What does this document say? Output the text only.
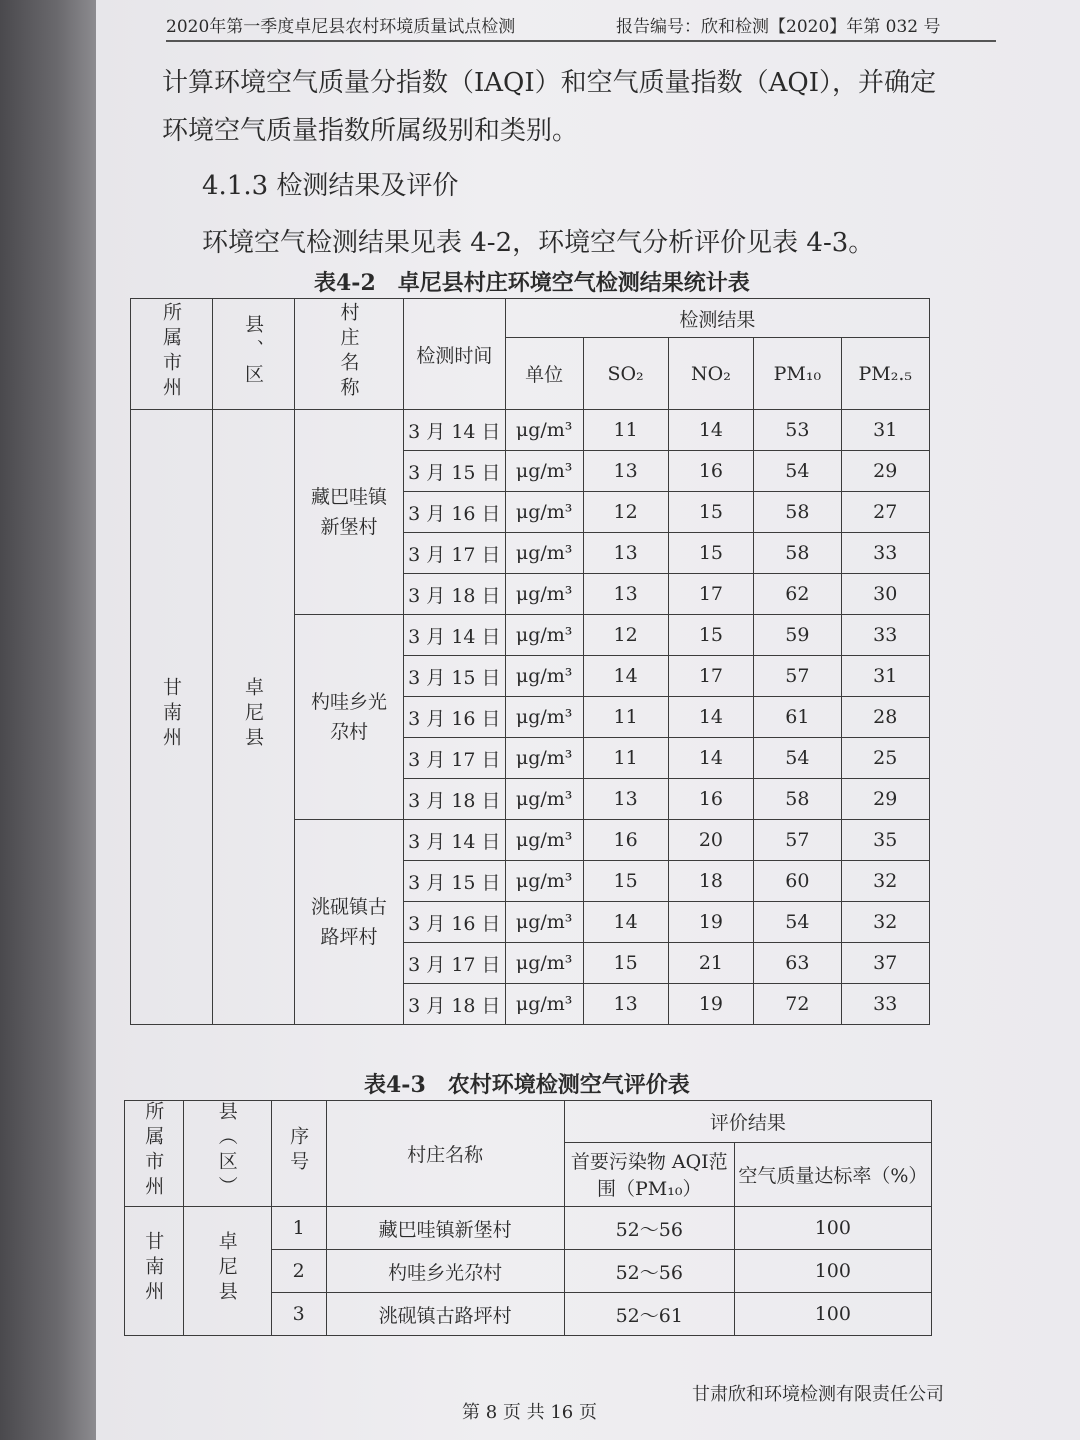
2020年第一季度卓尼县农村环境质量试点检测	报告编号：欣和检测【2020】年第 032 号
计算环境空气质量分指数（IAQI）和空气质量指数（AQI），并确定
环境空气质量指数所属级别和类别。
4.1.3 检测结果及评价
环境空气检测结果见表 4-2，环境空气分析评价见表 4-3。
表4-2　卓尼县村庄环境空气检测结果统计表
所属市州	县、区	村庄名称	检测时间	检测结果				
				单位	SO₂	NO₂	PM₁₀	PM₂.₅
甘南州	卓尼县	藏巴哇镇新堡村	3 月 14 日	μg/m³	11	14	53	31
			3 月 15 日	μg/m³	13	16	54	29
			3 月 16 日	μg/m³	12	15	58	27
			3 月 17 日	μg/m³	13	15	58	33
			3 月 18 日	μg/m³	13	17	62	30
		杓哇乡光尕村	3 月 14 日	μg/m³	12	15	59	33
			3 月 15 日	μg/m³	14	17	57	31
			3 月 16 日	μg/m³	11	14	61	28
			3 月 17 日	μg/m³	11	14	54	25
			3 月 18 日	μg/m³	13	16	58	29
		洮砚镇古路坪村	3 月 14 日	μg/m³	16	20	57	35
			3 月 15 日	μg/m³	15	18	60	32
			3 月 16 日	μg/m³	14	19	54	32
			3 月 17 日	μg/m³	15	21	63	37
			3 月 18 日	μg/m³	13	19	72	33
表4-3　农村环境检测空气评价表
所属市州	县（区）	序号	村庄名称	评价结果	
				首要污染物 AQI范围（PM₁₀）	空气质量达标率（%）
甘南州	卓尼县	1	藏巴哇镇新堡村	52～56	100
		2	杓哇乡光尕村	52～56	100
		3	洮砚镇古路坪村	52～61	100
第 8 页 共 16 页
甘肃欣和环境检测有限责任公司
